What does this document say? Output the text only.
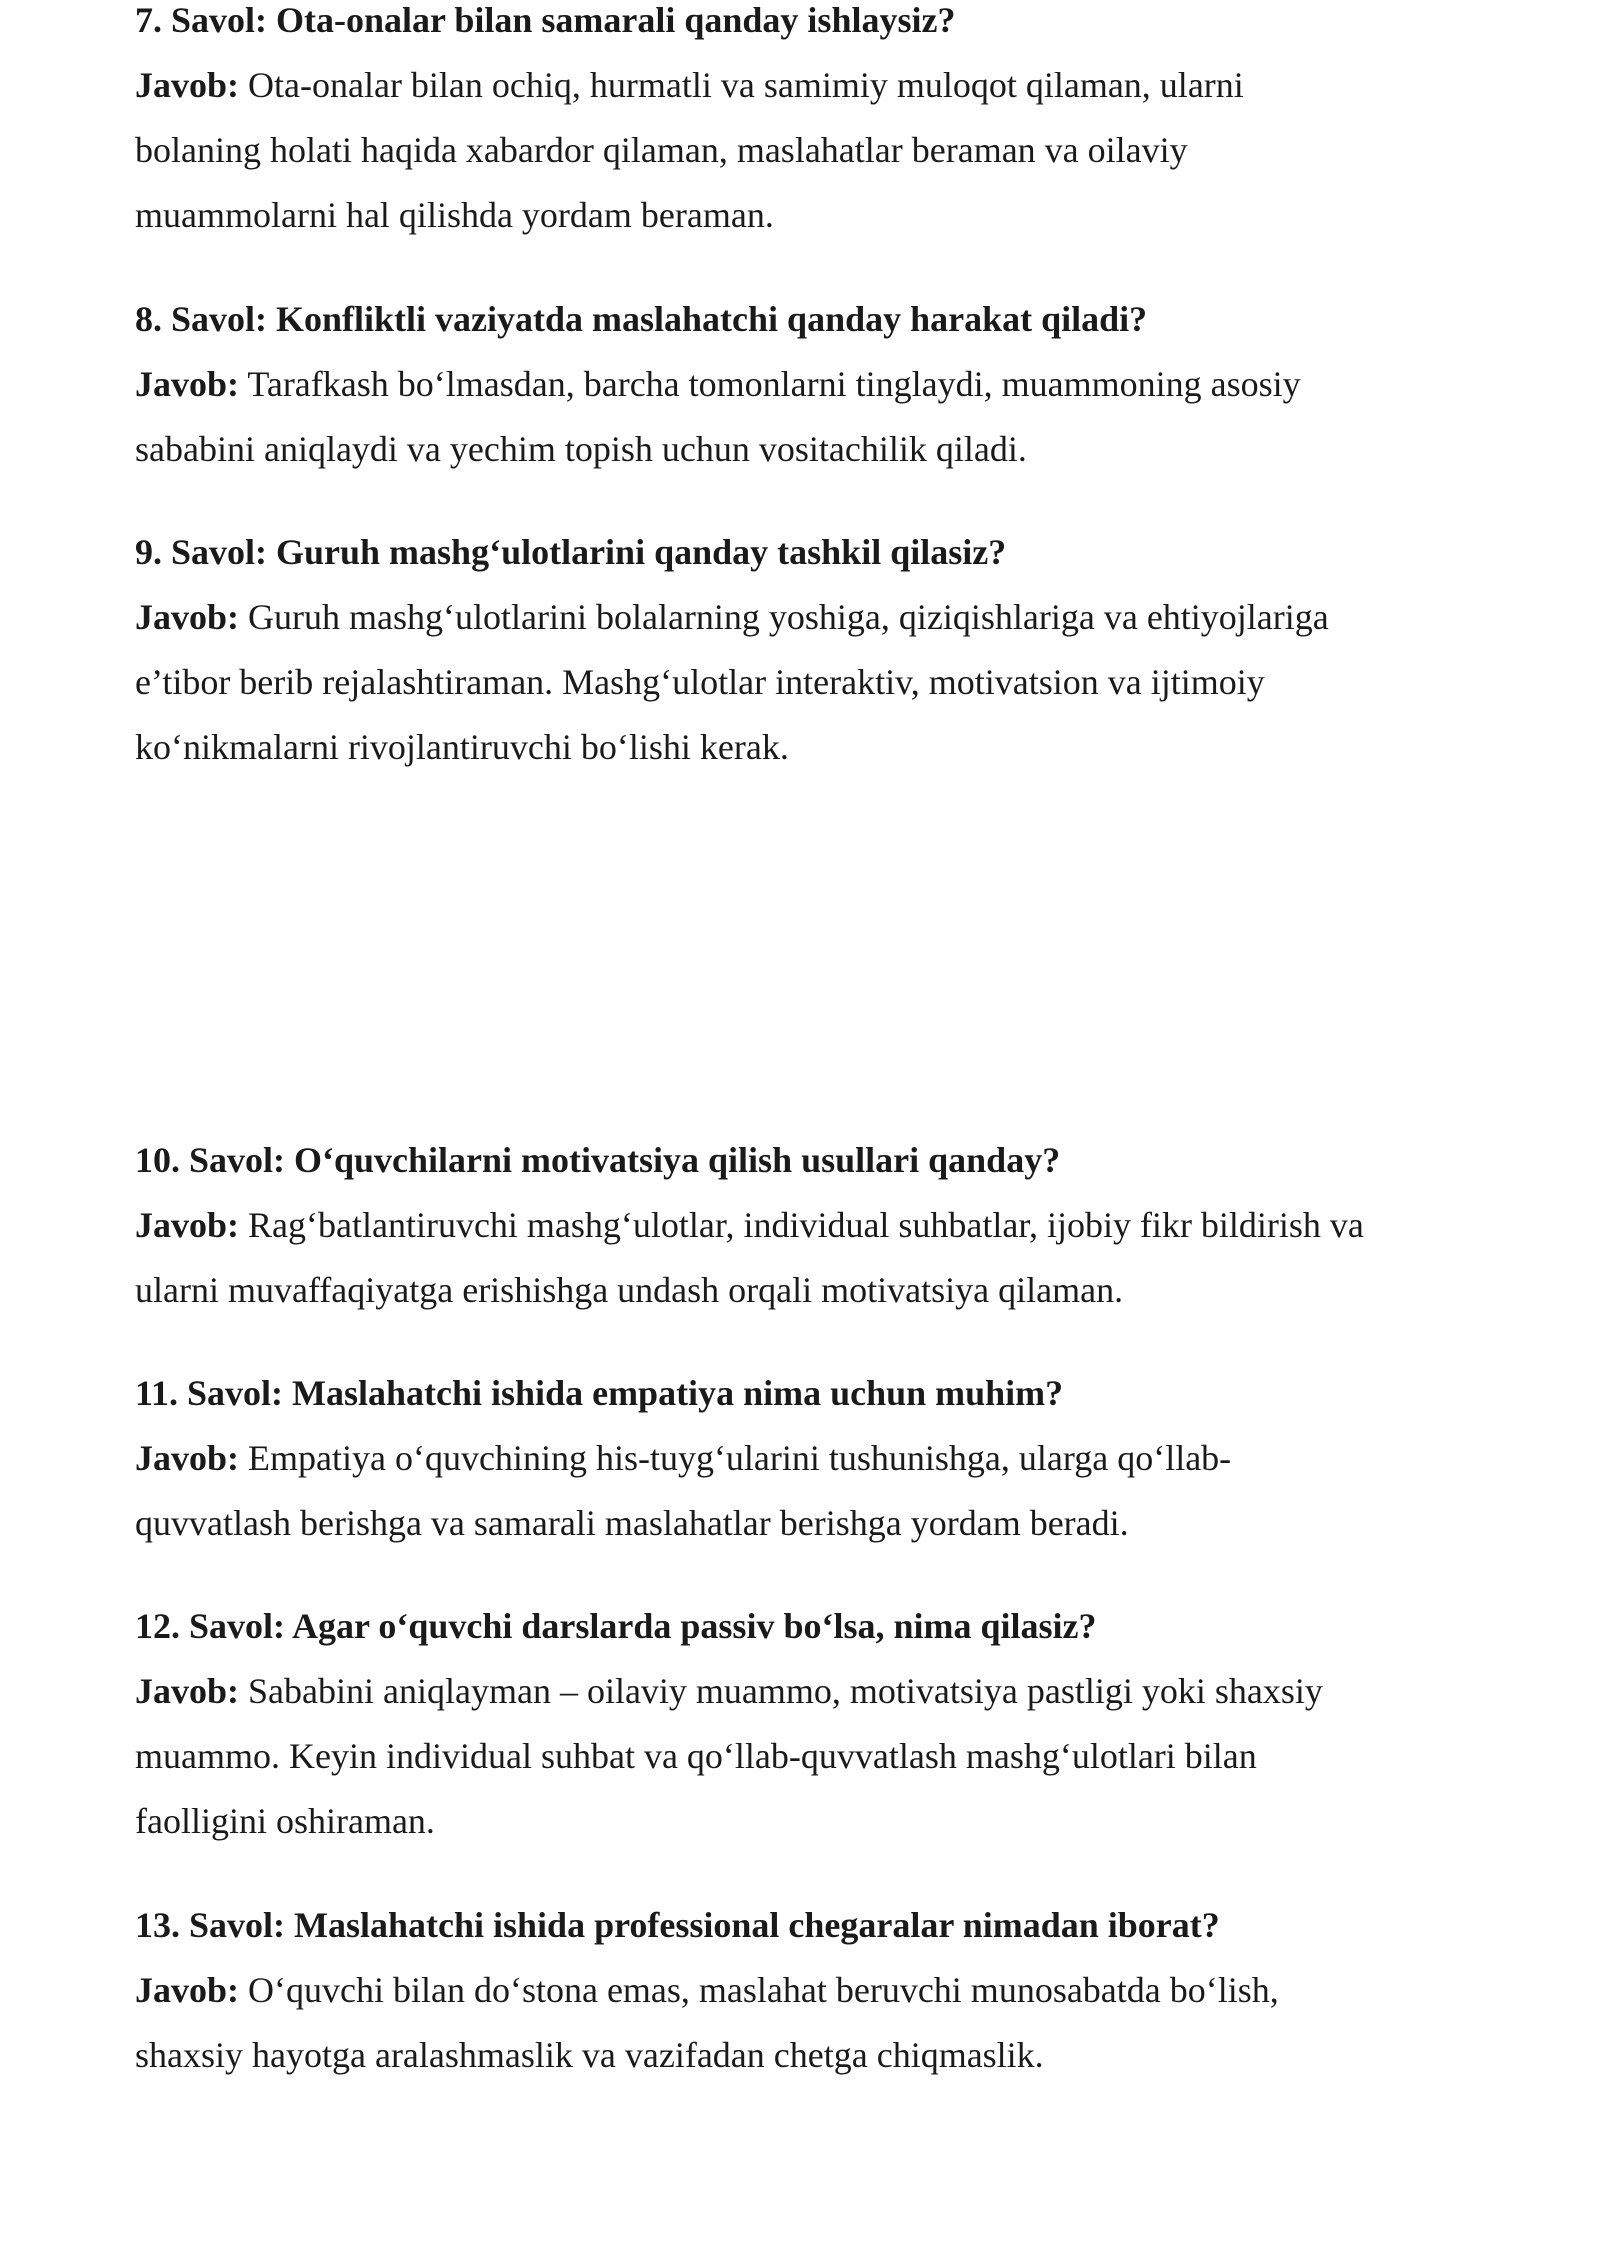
7. Savol: Ota-onalar bilan samarali qanday ishlaysiz?

Javob: Ota-onalar bilan ochiq, hurmatli va samimiy muloqot qilaman, ularni
bolaning holati haqida xabardor qilaman, maslahatlar beraman va oilaviy
muammolarni hal qilishda yordam beraman.

8. Savol: Konfliktli vaziyatda maslahatchi qanday harakat qiladi?

Javob: Tarafkash bo‘lmasdan, barcha tomonlarni tinglaydi, muammoning asosiy
sababini aniqlaydi va yechim topish uchun vositachilik qiladi.

9. Savol: Guruh mashg‘ulotlarini qanday tashkil qilasiz?

Javob: Guruh mashg‘ulotlarini bolalarning yoshiga, qiziqishlariga va ehtiyojlariga
e’tibor berib rejalashtiraman. Mashg‘ulotlar interaktiv, motivatsion va ijtimoiy
ko‘nikmalarni rivojlantiruvchi bo‘lishi kerak.

10. Savol: O‘quvchilarni motivatsiya qilish usullari qanday?

Javob: Rag‘batlantiruvchi mashg‘ulotlar, individual suhbatlar, ijobiy fikr bildirish va
ularni muvaffaqiyatga erishishga undash orqali motivatsiya qilaman.

11. Savol: Maslahatchi ishida empatiya nima uchun muhim?

Javob: Empatiya o‘quvchining his-tuyg‘ularini tushunishga, ularga qo‘llab-
quvvatlash berishga va samarali maslahatlar berishga yordam beradi.

12. Savol: Agar o‘quvchi darslarda passiv bo‘lsa, nima qilasiz?

Javob: Sababini aniqlayman – oilaviy muammo, motivatsiya pastligi yoki shaxsiy
muammo. Keyin individual suhbat va qo‘llab-quvvatlash mashg‘ulotlari bilan
faolligini oshiraman.

13. Savol: Maslahatchi ishida professional chegaralar nimadan iborat?

Javob: O‘quvchi bilan do‘stona emas, maslahat beruvchi munosabatda bo‘lish,
shaxsiy hayotga aralashmaslik va vazifadan chetga chiqmaslik.
